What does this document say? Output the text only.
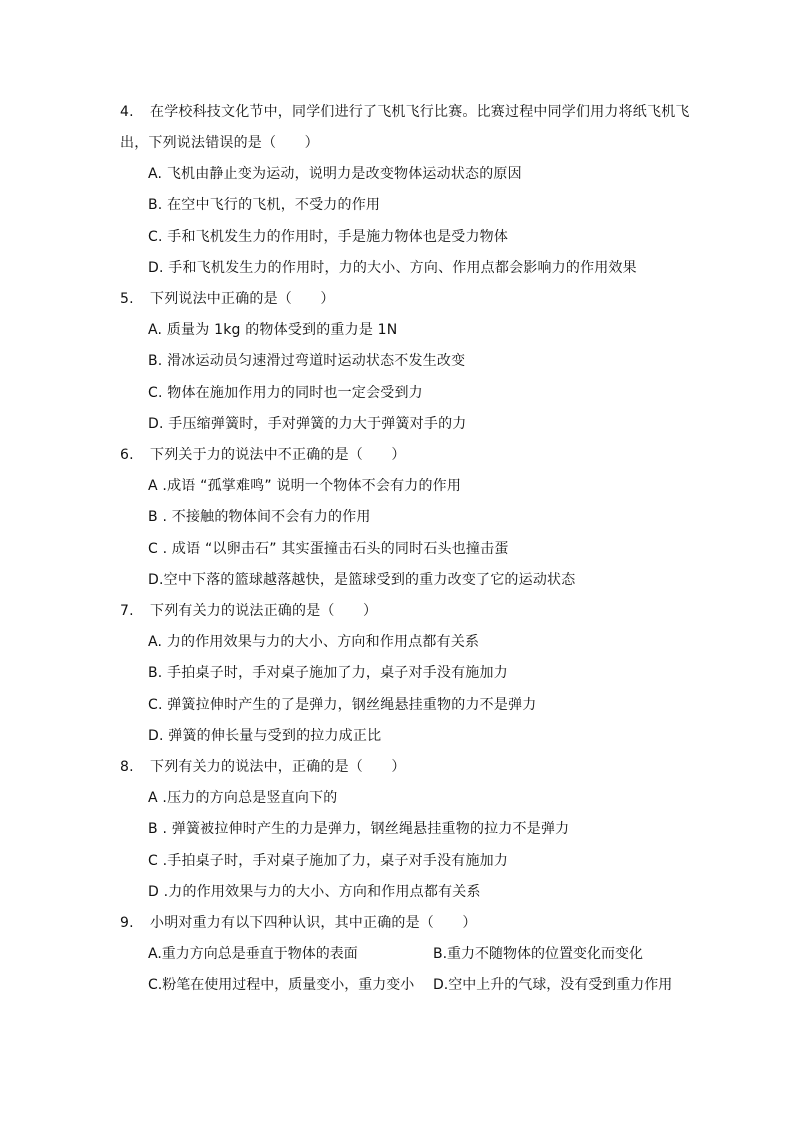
4. 在学校科技文化节中，同学们进行了飞机飞行比赛。比赛过程中同学们用力将纸飞机飞
出，下列说法错误的是（　　）
A. 飞机由静止变为运动，说明力是改变物体运动状态的原因
B. 在空中飞行的飞机，不受力的作用
C. 手和飞机发生力的作用时，手是施力物体也是受力物体
D. 手和飞机发生力的作用时，力的大小、方向、作用点都会影响力的作用效果
5. 下列说法中正确的是（　　）
A. 质量为 1kg 的物体受到的重力是 1N
B. 滑冰运动员匀速滑过弯道时运动状态不发生改变
C. 物体在施加作用力的同时也一定会受到力
D. 手压缩弹簧时，手对弹簧的力大于弹簧对手的力
6. 下列关于力的说法中不正确的是（　　）
A .成语 “孤掌难鸣” 说明一个物体不会有力的作用
B . 不接触的物体间不会有力的作用
C . 成语 “以卵击石” 其实蛋撞击石头的同时石头也撞击蛋
D.空中下落的篮球越落越快，是篮球受到的重力改变了它的运动状态
7. 下列有关力的说法正确的是（　　）
A. 力的作用效果与力的大小、方向和作用点都有关系
B. 手拍桌子时，手对桌子施加了力，桌子对手没有施加力
C. 弹簧拉伸时产生的了是弹力，钢丝绳悬挂重物的力不是弹力
D. 弹簧的伸长量与受到的拉力成正比
8. 下列有关力的说法中，正确的是（　　）
A .压力的方向总是竖直向下的
B . 弹簧被拉伸时产生的力是弹力，钢丝绳悬挂重物的拉力不是弹力
C .手拍桌子时，手对桌子施加了力，桌子对手没有施加力
D .力的作用效果与力的大小、方向和作用点都有关系
9. 小明对重力有以下四种认识，其中正确的是（　　）
A.重力方向总是垂直于物体的表面	B.重力不随物体的位置变化而变化
C.粉笔在使用过程中，质量变小，重力变小 D.空中上升的气球，没有受到重力作用
